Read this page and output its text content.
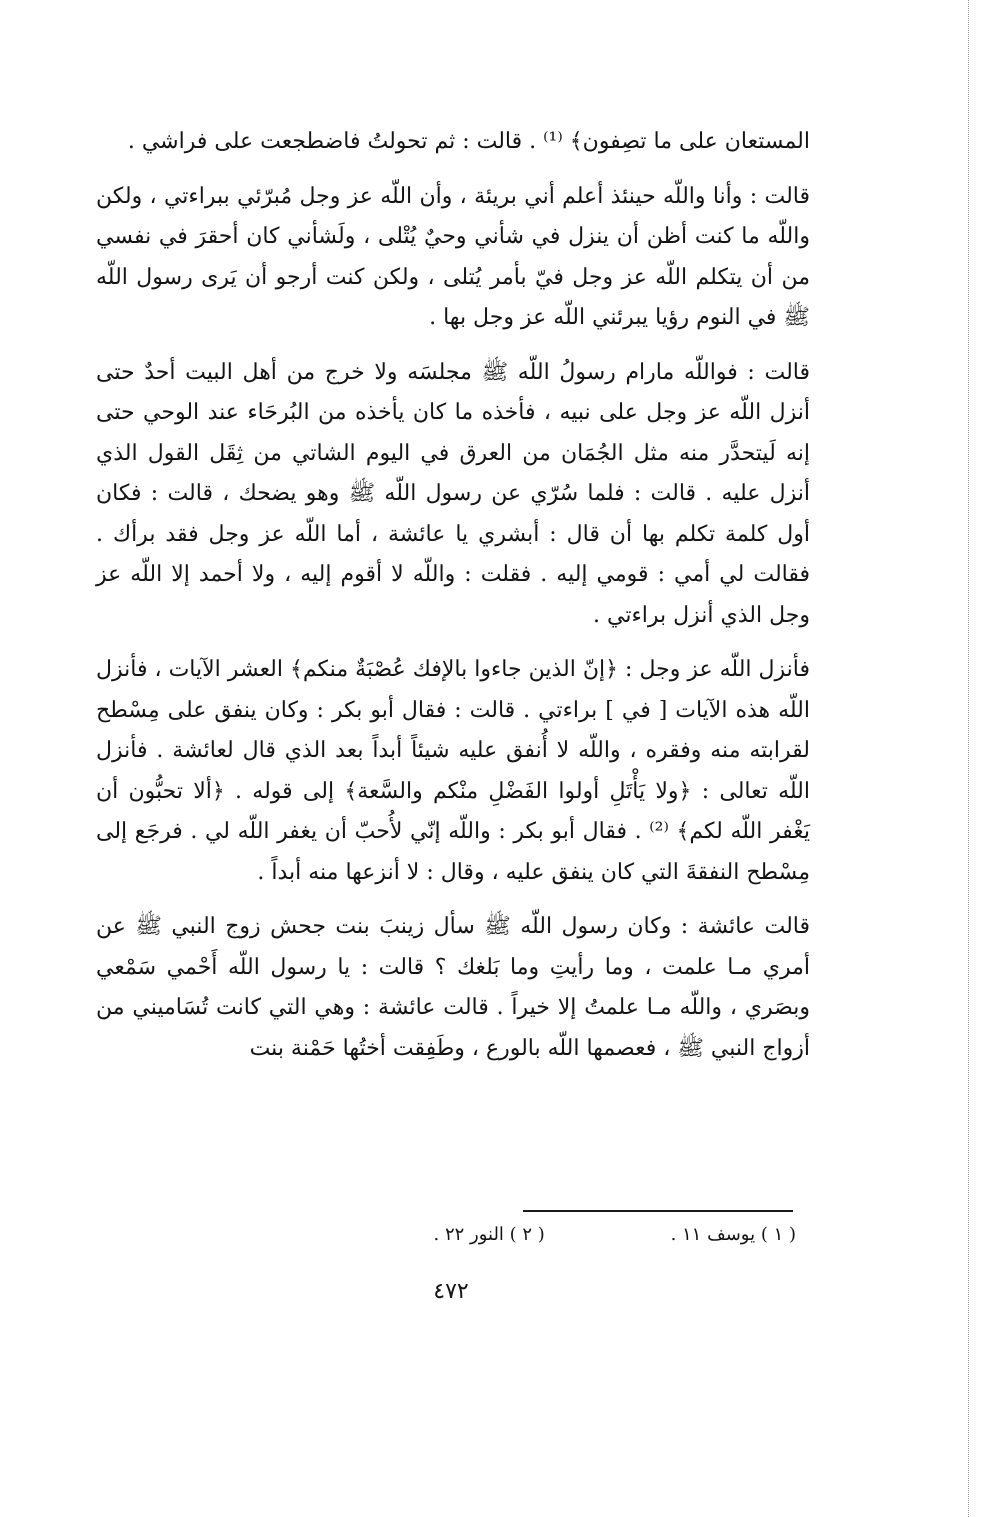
المستعان على ما تصِفون﴾ ⁽¹⁾ . قالت : ثم تحولتُ فاضطجعت على فراشي .

قالت : وأنا واللّه حينئذ أعلم أني بريئة ، وأن اللّه عز وجل مُبرّئي ببراءتي ، ولكن واللّه ما كنت أظن أن ينزل في شأني وحيٌ يُتْلى ، ولَشأني كان أحقرَ في نفسي من أن يتكلم اللّه عز وجل فيّ بأمر يُتلى ، ولكن كنت أرجو أن يَرى رسول اللّه ﷺ في النوم رؤيا يبرئني اللّه عز وجل بها .

قالت : فواللّه مارام رسولُ اللّه ﷺ مجلسَه ولا خرج من أهل البيت أحدٌ حتى أنزل اللّه عز وجل على نبيه ، فأخذه ما كان يأخذه من البُرحَاء عند الوحي حتى إنه لَيتحدَّر منه مثل الجُمَان من العرق في اليوم الشاتي من ثِقَل القول الذي أنزل عليه . قالت : فلما سُرّي عن رسول اللّه ﷺ وهو يضحك ، قالت : فكان أول كلمة تكلم بها أن قال : أبشري يا عائشة ، أما اللّه عز وجل فقد برأك . فقالت لي أمي : قومي إليه . فقلت : واللّه لا أقوم إليه ، ولا أحمد إلا اللّه عز وجل الذي أنزل براءتي .

فأنزل اللّه عز وجل : ﴿إنّ الذين جاءوا بالإفك عُصْبَةٌ منكم﴾ العشر الآيات ، فأنزل اللّه هذه الآيات [ في ] براءتي . قالت : فقال أبو بكر : وكان ينفق على مِسْطح لقرابته منه وفقره ، واللّه لا أُنفق عليه شيئاً أبداً بعد الذي قال لعائشة . فأنزل اللّه تعالى : ﴿ولا يَأْتَلِ أولوا الفَضْلِ منْكم والسَّعة﴾ إلى قوله . ﴿ألا تحبُّون أن يَغْفر اللّه لكم﴾ ⁽²⁾ . فقال أبو بكر : واللّه إنّي لأُحبّ أن يغفر اللّه لي . فرجَع إلى مِسْطح النفقةَ التي كان ينفق عليه ، وقال : لا أنزعها منه أبداً .

قالت عائشة : وكان رسول اللّه ﷺ سأل زينبَ بنت جحش زوج النبي ﷺ عن أمري مـا علمت ، وما رأيتِ وما بَلغك ؟ قالت : يا رسول اللّه أَحْمي سَمْعي وبصَري ، واللّه مـا علمتُ إلا خيراً . قالت عائشة : وهي التي كانت تُسَاميني من أزواج النبي ﷺ ، فعصمها اللّه بالورع ، وطَفِقت أختُها حَمْنة بنت

( ١ ) يوسف ١١ . ( ٢ ) النور ٢٢ .
٤٧٢
